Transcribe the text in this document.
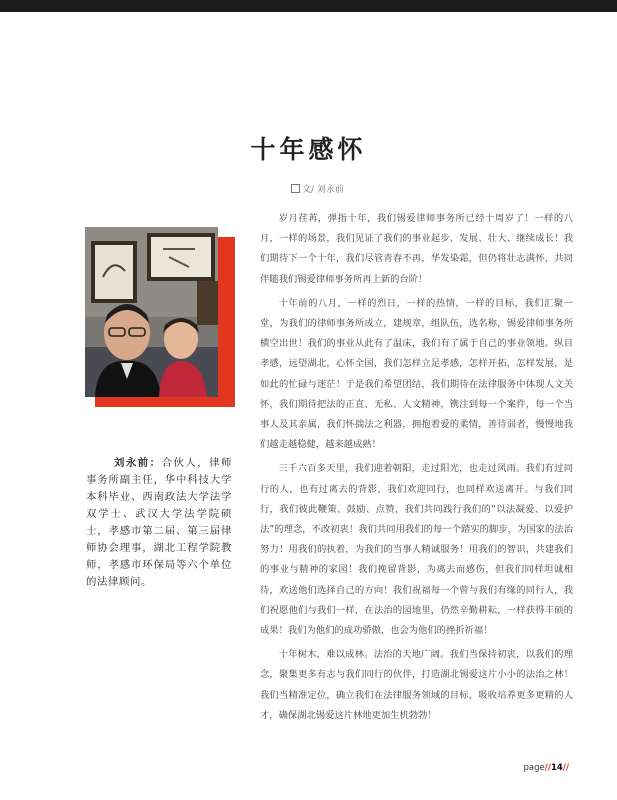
十年感怀
文/ 刘永前
刘永前：合伙人，律师事务所副主任，华中科技大学本科毕业、西南政法大学法学双学士、武汉大学法学院硕士，孝感市第二届、第三届律师协会理事，湖北工程学院教师，孝感市环保局等六个单位的法律顾问。

岁月荏苒，弹指十年，我们锡爱律师事务所已经十周岁了！一样的八月，一样的场景，我们见证了我们的事业起步、发展、壮大、继续成长！我们期待下一个十年，我们尽管青春不再，华发染霜，但仍将壮志满怀，共同伴随我们锡爱律师事务所再上新的台阶！

十年前的八月，一样的烈日，一样的热情，一样的目标，我们汇聚一堂，为我们的律师事务所成立，建规章，组队伍，选名称，锡爱律师事务所横空出世！我们的事业从此有了温床，我们有了属于自己的事业领地。纵目孝感，远望湖北，心怀全国，我们怎样立足孝感，怎样开拓，怎样发展，是如此的忙碌与迷茫！于是我们希望团结，我们期待在法律服务中体现人文关怀，我们期待把法的正直、无私、人文精神，镌注到每一个案件，每一个当事人及其亲属，我们怀揣法之利器，拥抱着爱的柔情，善待弱者，慢慢地我们越走越稳健，越来越成熟！

三千六百多天里，我们迎着朝阳，走过阳光，也走过风雨。我们有过同行的人，也有过离去的背影，我们欢迎同行，也同样欢送离开。与我们同行，我们彼此鞭策、鼓励、点赞，我们共同践行我们的“以法凝爱、以爱护法”的理念，不改初衷！我们共同用我们的每一个踏实的脚步，为国家的法治努力！用我们的执着，为我们的当事人精诚服务！用我们的智识，共建我们的事业与精神的家园！我们挽留背影，为离去而感伤，但我们同样坦诚相待，欢送他们选择自己的方向！我们祝福每一个曾与我们有缘的同行人，我们祝愿他们与我们一样，在法治的园地里，仍然辛勤耕耘，一样获得丰硕的成果！我们为他们的成功骄傲，也会为他们的挫折祈福！

十年树木，难以成林。法治的天地广阔。我们当保持初衷，以我们的理念，聚集更多有志与我们同行的伙伴，打造湖北锡爱这片小小的法治之林！我们当精准定位，确立我们在法律服务领域的目标，吸收培养更多更精的人才，确保湖北锡爱这片林地更加生机勃勃！

page//14//
